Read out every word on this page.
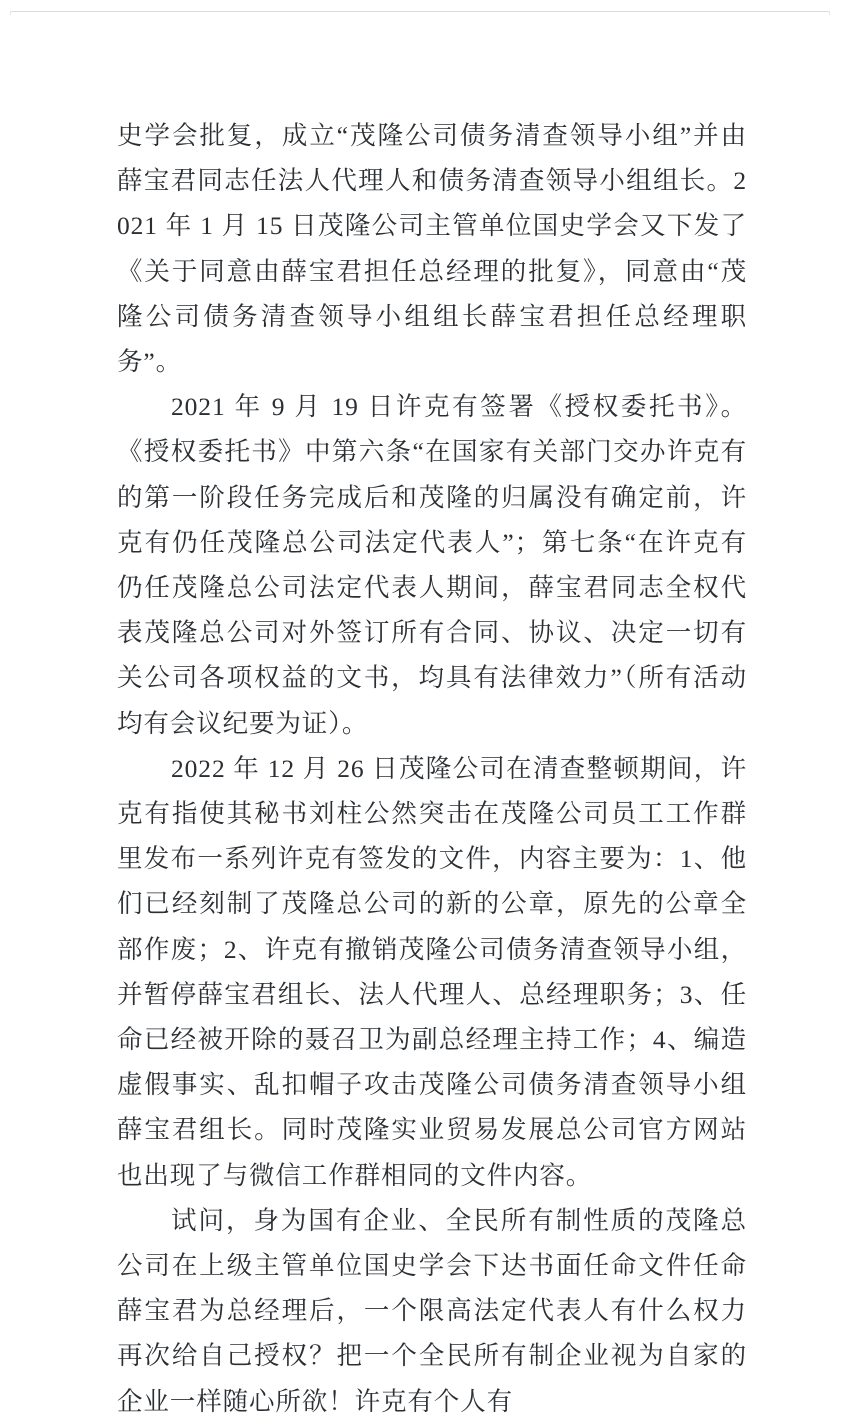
史学会批复，成立“茂隆公司债务清查领导小组”并由薛宝君同志任法人代理人和债务清查领导小组组长。2021 年 1 月 15 日茂隆公司主管单位国史学会又下发了《关于同意由薛宝君担任总经理的批复》，同意由“茂隆公司债务清查领导小组组长薛宝君担任总经理职务”。

2021 年 9 月 19 日许克有签署《授权委托书》。《授权委托书》中第六条“在国家有关部门交办许克有的第一阶段任务完成后和茂隆的归属没有确定前，许克有仍任茂隆总公司法定代表人”；第七条“在许克有仍任茂隆总公司法定代表人期间，薛宝君同志全权代表茂隆总公司对外签订所有合同、协议、决定一切有关公司各项权益的文书，均具有法律效力”（所有活动均有会议纪要为证）。

2022 年 12 月 26 日茂隆公司在清查整顿期间，许克有指使其秘书刘柱公然突击在茂隆公司员工工作群里发布一系列许克有签发的文件，内容主要为：1、他们已经刻制了茂隆总公司的新的公章，原先的公章全部作废；2、许克有撤销茂隆公司债务清查领导小组，并暂停薛宝君组长、法人代理人、总经理职务；3、任命已经被开除的聂召卫为副总经理主持工作；4、编造虚假事实、乱扣帽子攻击茂隆公司债务清查领导小组薛宝君组长。同时茂隆实业贸易发展总公司官方网站也出现了与微信工作群相同的文件内容。

试问，身为国有企业、全民所有制性质的茂隆总公司在上级主管单位国史学会下达书面任命文件任命薛宝君为总经理后，一个限高法定代表人有什么权力再次给自己授权？把一个全民所有制企业视为自家的企业一样随心所欲！许克有个人有
